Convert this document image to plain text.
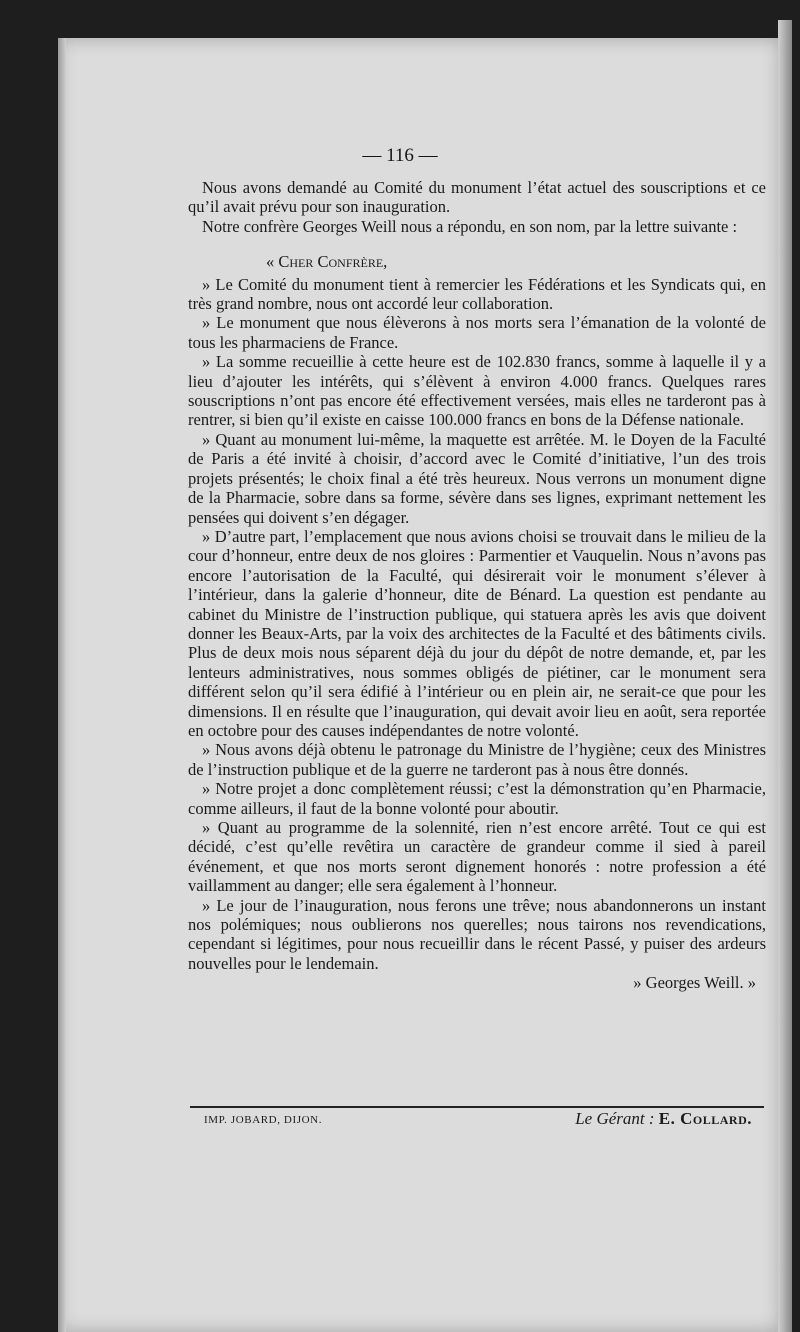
— 116 —

Nous avons demandé au Comité du monument l’état actuel des souscriptions et ce qu’il avait prévu pour son inauguration.

Notre confrère Georges Weill nous a répondu, en son nom, par la lettre suivante :

« Cher Confrère,

» Le Comité du monument tient à remercier les Fédérations et les Syndicats qui, en très grand nombre, nous ont accordé leur collaboration.

» Le monument que nous élèverons à nos morts sera l’émanation de la volonté de tous les pharmaciens de France.

» La somme recueillie à cette heure est de 102.830 francs, somme à laquelle il y a lieu d’ajouter les intérêts, qui s’élèvent à environ 4.000 francs. Quelques rares souscriptions n’ont pas encore été effectivement versées, mais elles ne tarderont pas à rentrer, si bien qu’il existe en caisse 100.000 francs en bons de la Défense nationale.

» Quant au monument lui-même, la maquette est arrêtée. M. le Doyen de la Faculté de Paris a été invité à choisir, d’accord avec le Comité d’initiative, l’un des trois projets présentés; le choix final a été très heureux. Nous verrons un monument digne de la Pharmacie, sobre dans sa forme, sévère dans ses lignes, exprimant nettement les pensées qui doivent s’en dégager.

» D’autre part, l’emplacement que nous avions choisi se trouvait dans le milieu de la cour d’honneur, entre deux de nos gloires : Parmentier et Vauquelin. Nous n’avons pas encore l’autorisation de la Faculté, qui désirerait voir le monument s’élever à l’intérieur, dans la galerie d’honneur, dite de Bénard. La question est pendante au cabinet du Ministre de l’instruction publique, qui statuera après les avis que doivent donner les Beaux-Arts, par la voix des architectes de la Faculté et des bâtiments civils. Plus de deux mois nous séparent déjà du jour du dépôt de notre demande, et, par les lenteurs administratives, nous sommes obligés de piétiner, car le monument sera différent selon qu’il sera édifié à l’intérieur ou en plein air, ne serait-ce que pour les dimensions. Il en résulte que l’inauguration, qui devait avoir lieu en août, sera reportée en octobre pour des causes indépendantes de notre volonté.

» Nous avons déjà obtenu le patronage du Ministre de l’hygiène; ceux des Ministres de l’instruction publique et de la guerre ne tarderont pas à nous être donnés.

» Notre projet a donc complètement réussi; c’est la démonstration qu’en Pharmacie, comme ailleurs, il faut de la bonne volonté pour aboutir.

» Quant au programme de la solennité, rien n’est encore arrêté. Tout ce qui est décidé, c’est qu’elle revêtira un caractère de grandeur comme il sied à pareil événement, et que nos morts seront dignement honorés : notre profession a été vaillamment au danger; elle sera également à l’honneur.

» Le jour de l’inauguration, nous ferons une trêve; nous abandonnerons un instant nos polémiques; nous oublierons nos querelles; nous tairons nos revendications, cependant si légitimes, pour nous recueillir dans le récent Passé, y puiser des ardeurs nouvelles pour le lendemain.

» Georges Weill. »

IMP. JOBARD, DIJON.	Le Gérant : E. Collard.
